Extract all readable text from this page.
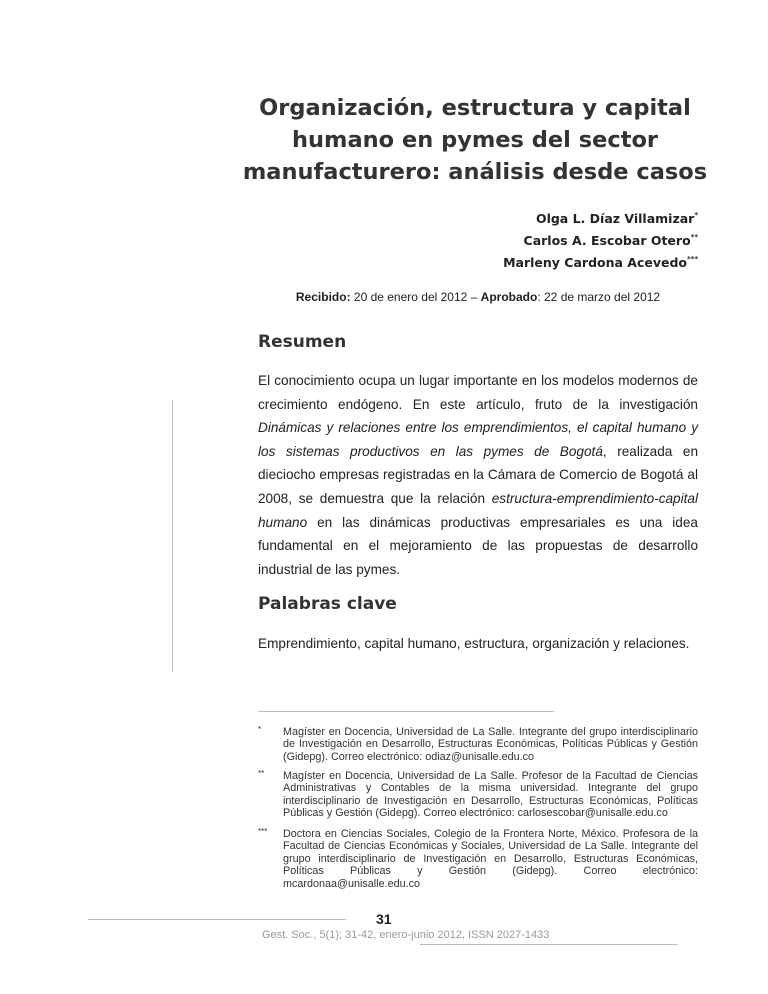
Organización, estructura y capital
humano en pymes del sector
manufacturero: análisis desde casos
Olga L. Díaz Villamizar*
Carlos A. Escobar Otero**
Marleny Cardona Acevedo***
Recibido: 20 de enero del 2012 – Aprobado: 22 de marzo del 2012
Resumen
El conocimiento ocupa un lugar importante en los modelos modernos de crecimiento endógeno. En este artículo, fruto de la investigación Dinámicas y relaciones entre los emprendimientos, el capital humano y los sistemas productivos en las pymes de Bogotá, realizada en dieciocho empresas registradas en la Cámara de Comercio de Bogotá al 2008, se demuestra que la relación estructura-emprendimiento-capital humano en las dinámicas productivas empresariales es una idea fundamental en el mejoramiento de las propuestas de desarrollo industrial de las pymes.
Palabras clave
Emprendimiento, capital humano, estructura, organización y relaciones.
* Magíster en Docencia, Universidad de La Salle. Integrante del grupo interdisciplinario de Investigación en Desarrollo, Estructuras Económicas, Políticas Públicas y Gestión (Gidepg). Correo electrónico: odiaz@unisalle.edu.co
** Magíster en Docencia, Universidad de La Salle. Profesor de la Facultad de Ciencias Administrativas y Contables de la misma universidad. Integrante del grupo interdisciplinario de Investigación en Desarrollo, Estructuras Económicas, Políticas Públicas y Gestión (Gidepg). Correo electrónico: carlosescobar@unisalle.edu.co
*** Doctora en Ciencias Sociales, Colegio de la Frontera Norte, México. Profesora de la Facultad de Ciencias Económicas y Sociales, Universidad de La Salle. Integrante del grupo interdisciplinario de Investigación en Desarrollo, Estructuras Económicas, Políticas Públicas y Gestión (Gidepg). Correo electrónico: mcardonaa@unisalle.edu.co
31
Gest. Soc., 5(1); 31-42, enero-junio 2012, ISSN 2027-1433
